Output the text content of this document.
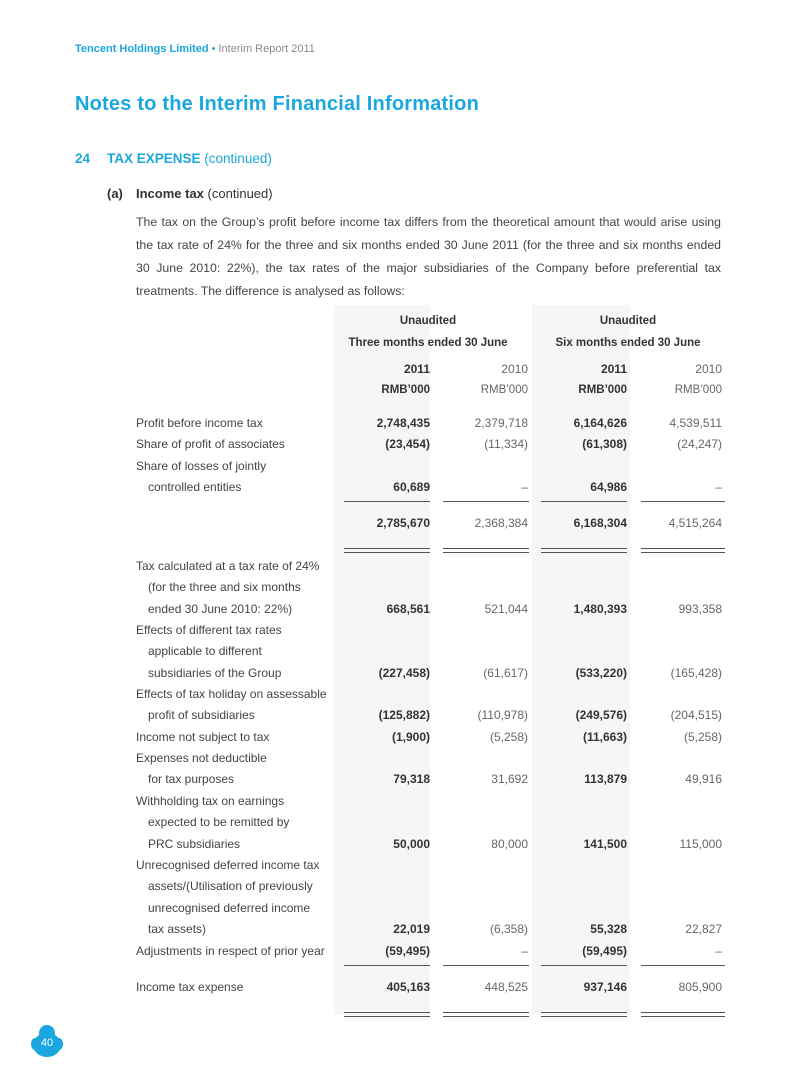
Tencent Holdings Limited • Interim Report 2011
Notes to the Interim Financial Information
24 TAX EXPENSE (continued)
(a) Income tax (continued)
The tax on the Group’s profit before income tax differs from the theoretical amount that would arise using the tax rate of 24% for the three and six months ended 30 June 2011 (for the three and six months ended 30 June 2010: 22%), the tax rates of the major subsidiaries of the Company before preferential tax treatments. The difference is analysed as follows:
Unaudited
Three months ended 30 June
Unaudited
Six months ended 30 June
2011	2010	2011	2010
RMB’000	RMB’000	RMB’000	RMB’000
Profit before income tax	2,748,435	2,379,718	6,164,626	4,539,511
Share of profit of associates	(23,454)	(11,334)	(61,308)	(24,247)
Share of losses of jointly
controlled entities	60,689	–	64,986	–
2,785,670	2,368,384	6,168,304	4,515,264
Tax calculated at a tax rate of 24%
(for the three and six months
ended 30 June 2010: 22%)	668,561	521,044	1,480,393	993,358
Effects of different tax rates
applicable to different
subsidiaries of the Group	(227,458)	(61,617)	(533,220)	(165,428)
Effects of tax holiday on assessable
profit of subsidiaries	(125,882)	(110,978)	(249,576)	(204,515)
Income not subject to tax	(1,900)	(5,258)	(11,663)	(5,258)
Expenses not deductible
for tax purposes	79,318	31,692	113,879	49,916
Withholding tax on earnings
expected to be remitted by
PRC subsidiaries	50,000	80,000	141,500	115,000
Unrecognised deferred income tax
assets/(Utilisation of previously
unrecognised deferred income
tax assets)	22,019	(6,358)	55,328	22,827
Adjustments in respect of prior year	(59,495)	–	(59,495)	–
Income tax expense	405,163	448,525	937,146	805,900
40
